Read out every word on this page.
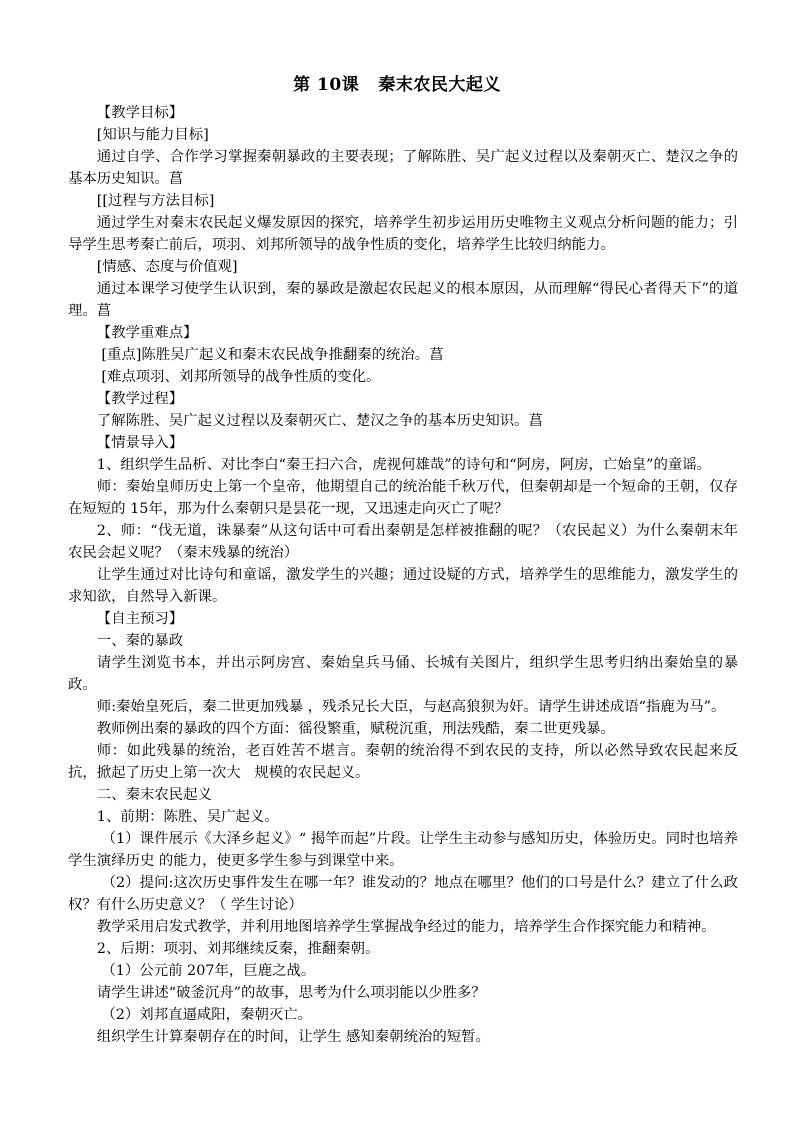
第 10课   秦末农民大起义

【教学目标】

[知识与能力目标]

通过自学、合作学习掌握秦朝暴政的主要表现；了解陈胜、吴广起义过程以及秦朝灭亡、楚汉之争的基本历史知识。菖

[[过程与方法目标]

通过学生对秦末农民起义爆发原因的探究，培养学生初步运用历史唯物主义观点分析问题的能力；引导学生思考秦亡前后，项羽、刘邦所领导的战争性质的变化，培养学生比较归纳能力。

[情感、态度与价值观]

通过本课学习使学生认识到，秦的暴政是激起农民起义的根本原因，从而理解“得民心者得天下”的道理。菖

【教学重难点】

[重点]陈胜吴广起义和秦末农民战争推翻秦的统治。菖

[难点项羽、刘邦所领导的战争性质的变化。

【教学过程】

了解陈胜、吴广起义过程以及秦朝灭亡、楚汉之争的基本历史知识。菖

【情景导入】

1、组织学生品析、对比李白“秦王扫六合，虎视何雄哉”的诗句和“阿房，阿房，亡始皇”的童谣。

师：秦始皇师历史上第一个皇帝，他期望自己的统治能千秋万代，但秦朝却是一个短命的王朝，仅存在短短的 15年，那为什么秦朝只是昙花一现，又迅速走向灭亡了呢？

2、师：“伐无道，诛暴秦”从这句话中可看出秦朝是怎样被推翻的呢？（农民起义）为什么秦朝末年农民会起义呢？（秦末残暴的统治）

让学生通过对比诗句和童谣，激发学生的兴趣；通过设疑的方式，培养学生的思维能力，激发学生的求知欲，自然导入新课。

【自主预习】

一、秦的暴政

请学生浏览书本，并出示阿房宫、秦始皇兵马俑、长城有关图片，组织学生思考归纳出秦始皇的暴政。

师:秦始皇死后，秦二世更加残暴 ，残杀兄长大臣，与赵高狼狈为奸。请学生讲述成语“指鹿为马”。

教师例出秦的暴政的四个方面：徭役繁重，赋税沉重，刑法残酷，秦二世更残暴。

师：如此残暴的统治，老百姓苦不堪言。秦朝的统治得不到农民的支持，所以必然导致农民起来反抗，掀起了历史上第一次大   规模的农民起义。

二、秦末农民起义

1、前期：陈胜、吴广起义。

（1）课件展示《大泽乡起义》“ 揭竿而起”片段。让学生主动参与感知历史，体验历史。同时也培养学生演绎历史 的能力，使更多学生参与到课堂中来。

（2）提问:这次历史事件发生在哪一年？谁发动的？地点在哪里？他们的口号是什么？建立了什么政权？有什么历史意义？（ 学生讨论）

教学采用启发式教学，并利用地图培养学生掌握战争经过的能力，培养学生合作探究能力和精神。

2、后期：项羽、刘邦继续反秦，推翻秦朝。

（1）公元前 207年，巨鹿之战。

请学生讲述“破釜沉舟”的故事，思考为什么项羽能以少胜多？

（2）刘邦直逼咸阳，秦朝灭亡。

组织学生计算秦朝存在的时间，让学生 感知秦朝统治的短暂。
